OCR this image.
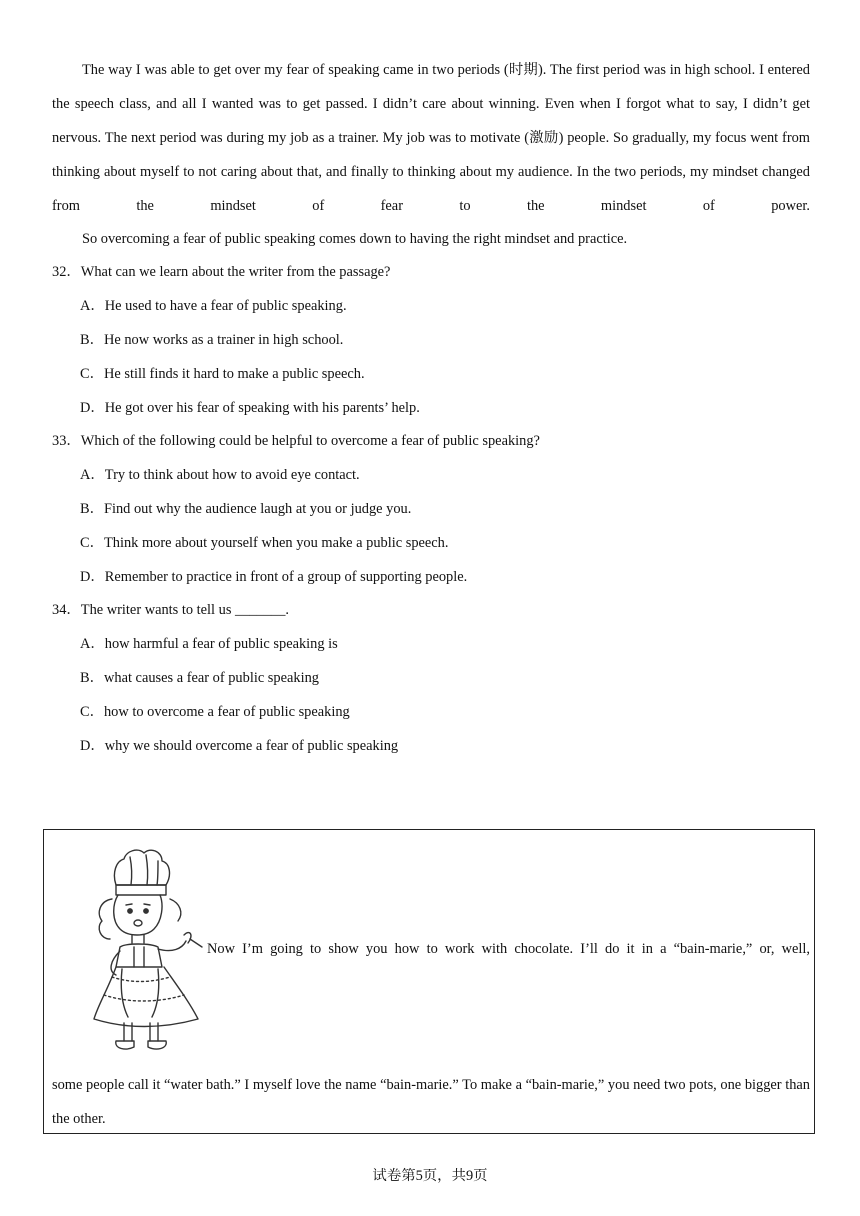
The way I was able to get over my fear of speaking came in two periods (时期). The first period was in high school. I entered the speech class, and all I wanted was to get passed. I didn’t care about winning. Even when I forgot what to say, I didn’t get nervous. The next period was during my job as a trainer. My job was to motivate (激励) people. So gradually, my focus went from thinking about myself to not caring about that, and finally to thinking about my audience. In the two periods, my mindset changed from the mindset of fear to the mindset of power.

So overcoming a fear of public speaking comes down to having the right mindset and practice.

32．What can we learn about the writer from the passage?
A．He used to have a fear of public speaking.
B．He now works as a trainer in high school.
C．He still finds it hard to make a public speech.
D．He got over his fear of speaking with his parents’ help.
33．Which of the following could be helpful to overcome a fear of public speaking?
A．Try to think about how to avoid eye contact.
B．Find out why the audience laugh at you or judge you.
C．Think more about yourself when you make a public speech.
D．Remember to practice in front of a group of supporting people.
34．The writer wants to tell us _______.
A．how harmful a fear of public speaking is
B．what causes a fear of public speaking
C．how to overcome a fear of public speaking
D．why we should overcome a fear of public speaking
Now I’m going to show you how to work with chocolate. I’ll do it in a “bain-marie,” or, well,

some people call it “water bath.” I myself love the name “bain-marie.” To make a “bain-marie,” you need two pots, one bigger than the other.

试卷第5页，共9页
